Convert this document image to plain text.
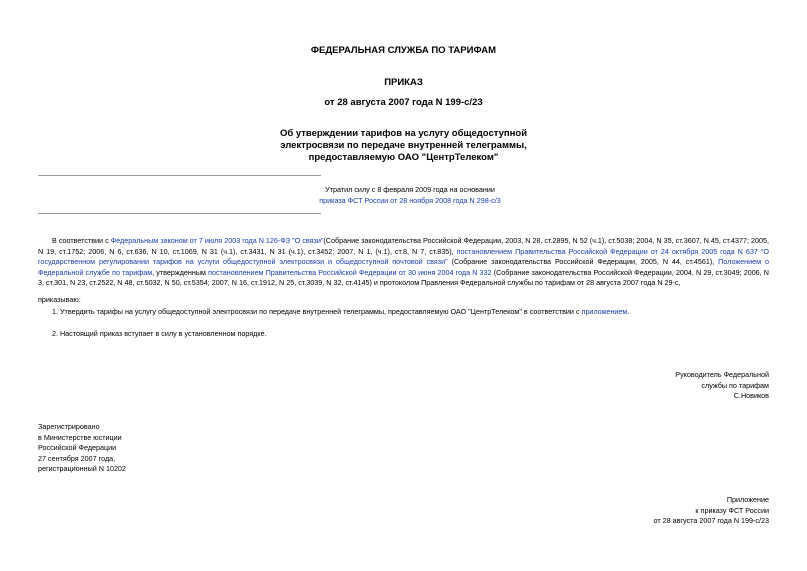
ФЕДЕРАЛЬНАЯ СЛУЖБА ПО ТАРИФАМ
ПРИКАЗ
от 28 августа 2007 года N 199-с/23
Об утверждении тарифов на услугу общедоступной
электросвязи по передаче внутренней телеграммы,
предоставляемую ОАО "ЦентрТелеком"
Утратил силу с 8 февраля 2009 года на основании
приказа ФСТ России от 28 ноября 2008 года N 298-с/3
В соответствии с Федеральным законом от 7 июля 2003 года N 126-ФЗ "О связи"(Собрание законодательства Российской Федерации, 2003, N 28, ст.2895, N 52 (ч.1), ст.5038; 2004, N 35, ст.3607, N 45, ст.4377; 2005, N 19, ст.1752; 2006, N 6, ст.636, N 10, ст.1069, N 31 (ч.1), ст.3431, N 31 (ч.1), ст.3452; 2007, N 1, (ч.1), ст.8, N 7, ст.835), постановлением Правительства Российской Федерации от 24 октября 2005 года N 637 "О государственном регулировании тарифов на услуги общедоступной электросвязи и общедоступной почтовой связи" (Собрание законодательства Российской Федерации, 2005, N 44, ст.4561), Положением о Федеральной службе по тарифам, утвержденным постановлением Правительства Российской Федерации от 30 июня 2004 года N 332 (Собрание законодательства Российской Федерации, 2004, N 29, ст.3049; 2006, N 3, ст.301, N 23, ст.2522, N 48, ст.5032, N 50, ст.5354; 2007, N 16, ст.1912, N 25, ст.3039, N 32, ст.4145) и протоколом Правления Федеральной службы по тарифам от 28 августа 2007 года N 29-с,
приказываю:
1. Утвердить тарифы на услугу общедоступной электросвязи по передаче внутренней телеграммы, предоставляемую ОАО "ЦентрТелеком" в соответствии с приложением.
2. Настоящий приказ вступает в силу в установленном порядке.
Руководитель Федеральной
службы по тарифам
С.Новиков
Зарегистрировано
в Министерстве юстиции
Российской Федерации
27 сентября 2007 года,
регистрационный N 10202
Приложение
к приказу ФСТ России
от 28 августа 2007 года N 199-с/23
